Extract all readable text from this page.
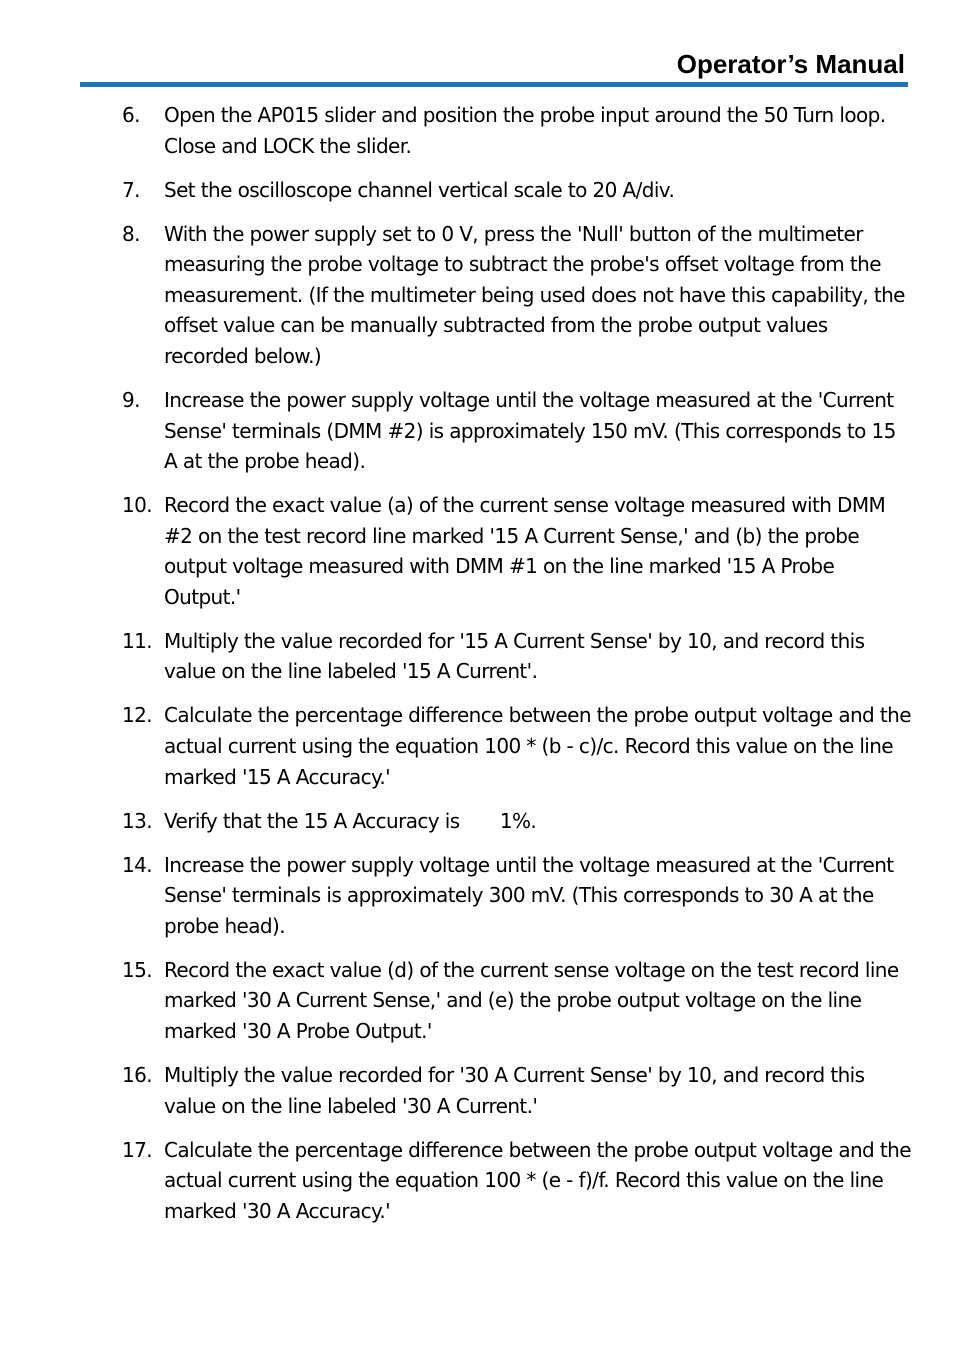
Operator’s Manual
6. Open the AP015 slider and position the probe input around the 50 Turn loop. Close and LOCK the slider.
7. Set the oscilloscope channel vertical scale to 20 A/div.
8. With the power supply set to 0 V, press the 'Null' button of the multimeter measuring the probe voltage to subtract the probe's offset voltage from the measurement. (If the multimeter being used does not have this capability, the offset value can be manually subtracted from the probe output values recorded below.)
9. Increase the power supply voltage until the voltage measured at the 'Current Sense' terminals (DMM #2) is approximately 150 mV. (This corresponds to 15 A at the probe head).
10. Record the exact value (a) of the current sense voltage measured with DMM #2 on the test record line marked '15 A Current Sense,' and (b) the probe output voltage measured with DMM #1 on the line marked '15 A Probe Output.'
11. Multiply the value recorded for '15 A Current Sense' by 10, and record this value on the line labeled '15 A Current'.
12. Calculate the percentage difference between the probe output voltage and the actual current using the equation 100 * (b - c)/c. Record this value on the line marked '15 A Accuracy.'
13. Verify that the 15 A Accuracy is       1%.
14. Increase the power supply voltage until the voltage measured at the 'Current Sense' terminals is approximately 300 mV. (This corresponds to 30 A at the probe head).
15. Record the exact value (d) of the current sense voltage on the test record line marked '30 A Current Sense,' and (e) the probe output voltage on the line marked '30 A Probe Output.'
16. Multiply the value recorded for '30 A Current Sense' by 10, and record this value on the line labeled '30 A Current.'
17. Calculate the percentage difference between the probe output voltage and the actual current using the equation 100 * (e - f)/f. Record this value on the line marked '30 A Accuracy.'
